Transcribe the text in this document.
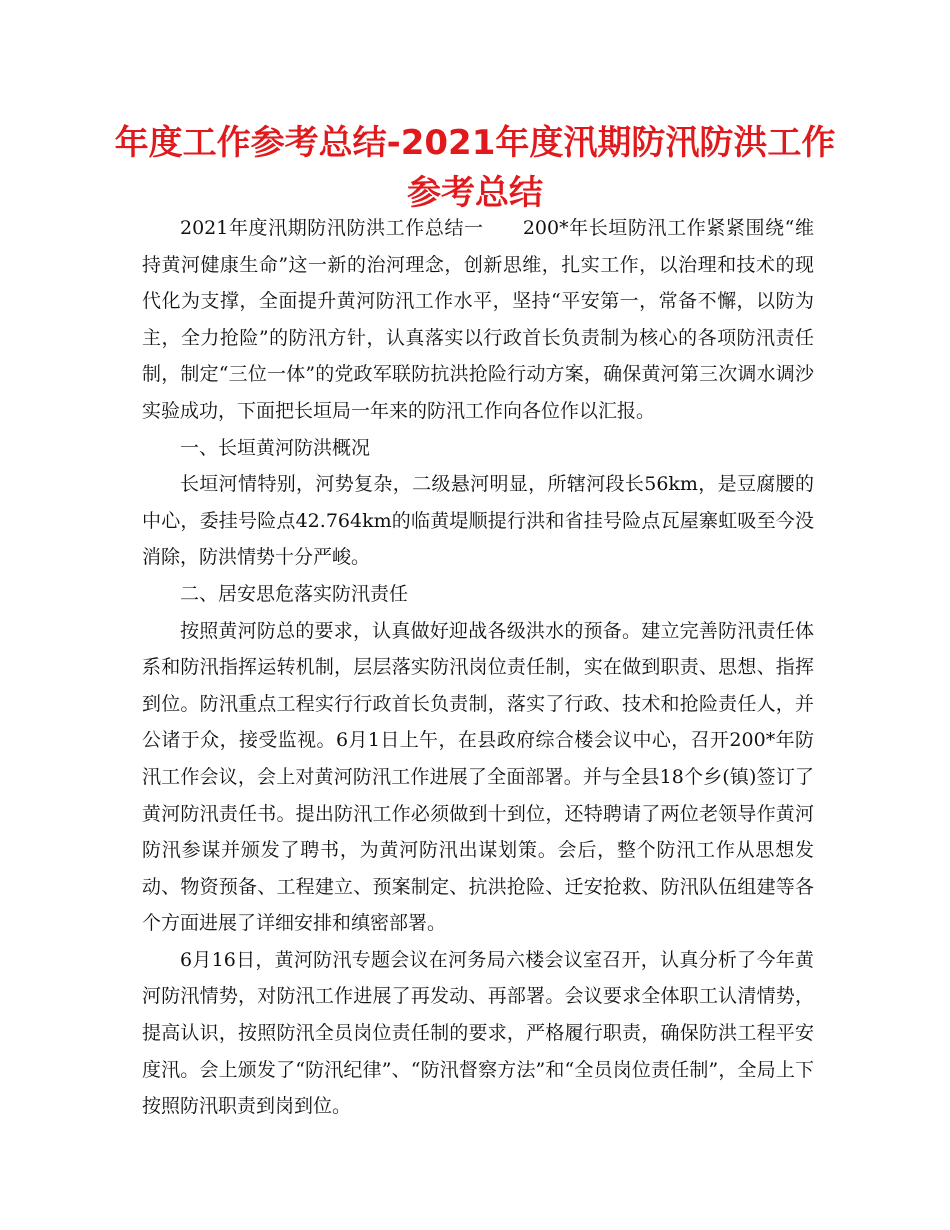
年度工作参考总结-2021年度汛期防汛防洪工作参考总结

2021年度汛期防汛防洪工作总结一　　200*年长垣防汛工作紧紧围绕“维持黄河健康生命”这一新的治河理念，创新思维，扎实工作，以治理和技术的现代化为支撑，全面提升黄河防汛工作水平，坚持“平安第一，常备不懈，以防为主，全力抢险”的防汛方针，认真落实以行政首长负责制为核心的各项防汛责任制，制定“三位一体”的党政军联防抗洪抢险行动方案，确保黄河第三次调水调沙实验成功，下面把长垣局一年来的防汛工作向各位作以汇报。

一、长垣黄河防洪概况

长垣河情特别，河势复杂，二级悬河明显，所辖河段长56km，是豆腐腰的中心，委挂号险点42.764km的临黄堤顺提行洪和省挂号险点瓦屋寨虹吸至今没消除，防洪情势十分严峻。

二、居安思危落实防汛责任

按照黄河防总的要求，认真做好迎战各级洪水的预备。建立完善防汛责任体系和防汛指挥运转机制，层层落实防汛岗位责任制，实在做到职责、思想、指挥到位。防汛重点工程实行行政首长负责制，落实了行政、技术和抢险责任人，并公诸于众，接受监视。6月1日上午，在县政府综合楼会议中心，召开200*年防汛工作会议，会上对黄河防汛工作进展了全面部署。并与全县18个乡(镇)签订了黄河防汛责任书。提出防汛工作必须做到十到位，还特聘请了两位老领导作黄河防汛参谋并颁发了聘书，为黄河防汛出谋划策。会后，整个防汛工作从思想发动、物资预备、工程建立、预案制定、抗洪抢险、迁安抢救、防汛队伍组建等各个方面进展了详细安排和缜密部署。

6月16日，黄河防汛专题会议在河务局六楼会议室召开，认真分析了今年黄河防汛情势，对防汛工作进展了再发动、再部署。会议要求全体职工认清情势，提高认识，按照防汛全员岗位责任制的要求，严格履行职责，确保防洪工程平安度汛。会上颁发了“防汛纪律”、“防汛督察方法”和“全员岗位责任制”，全局上下按照防汛职责到岗到位。
